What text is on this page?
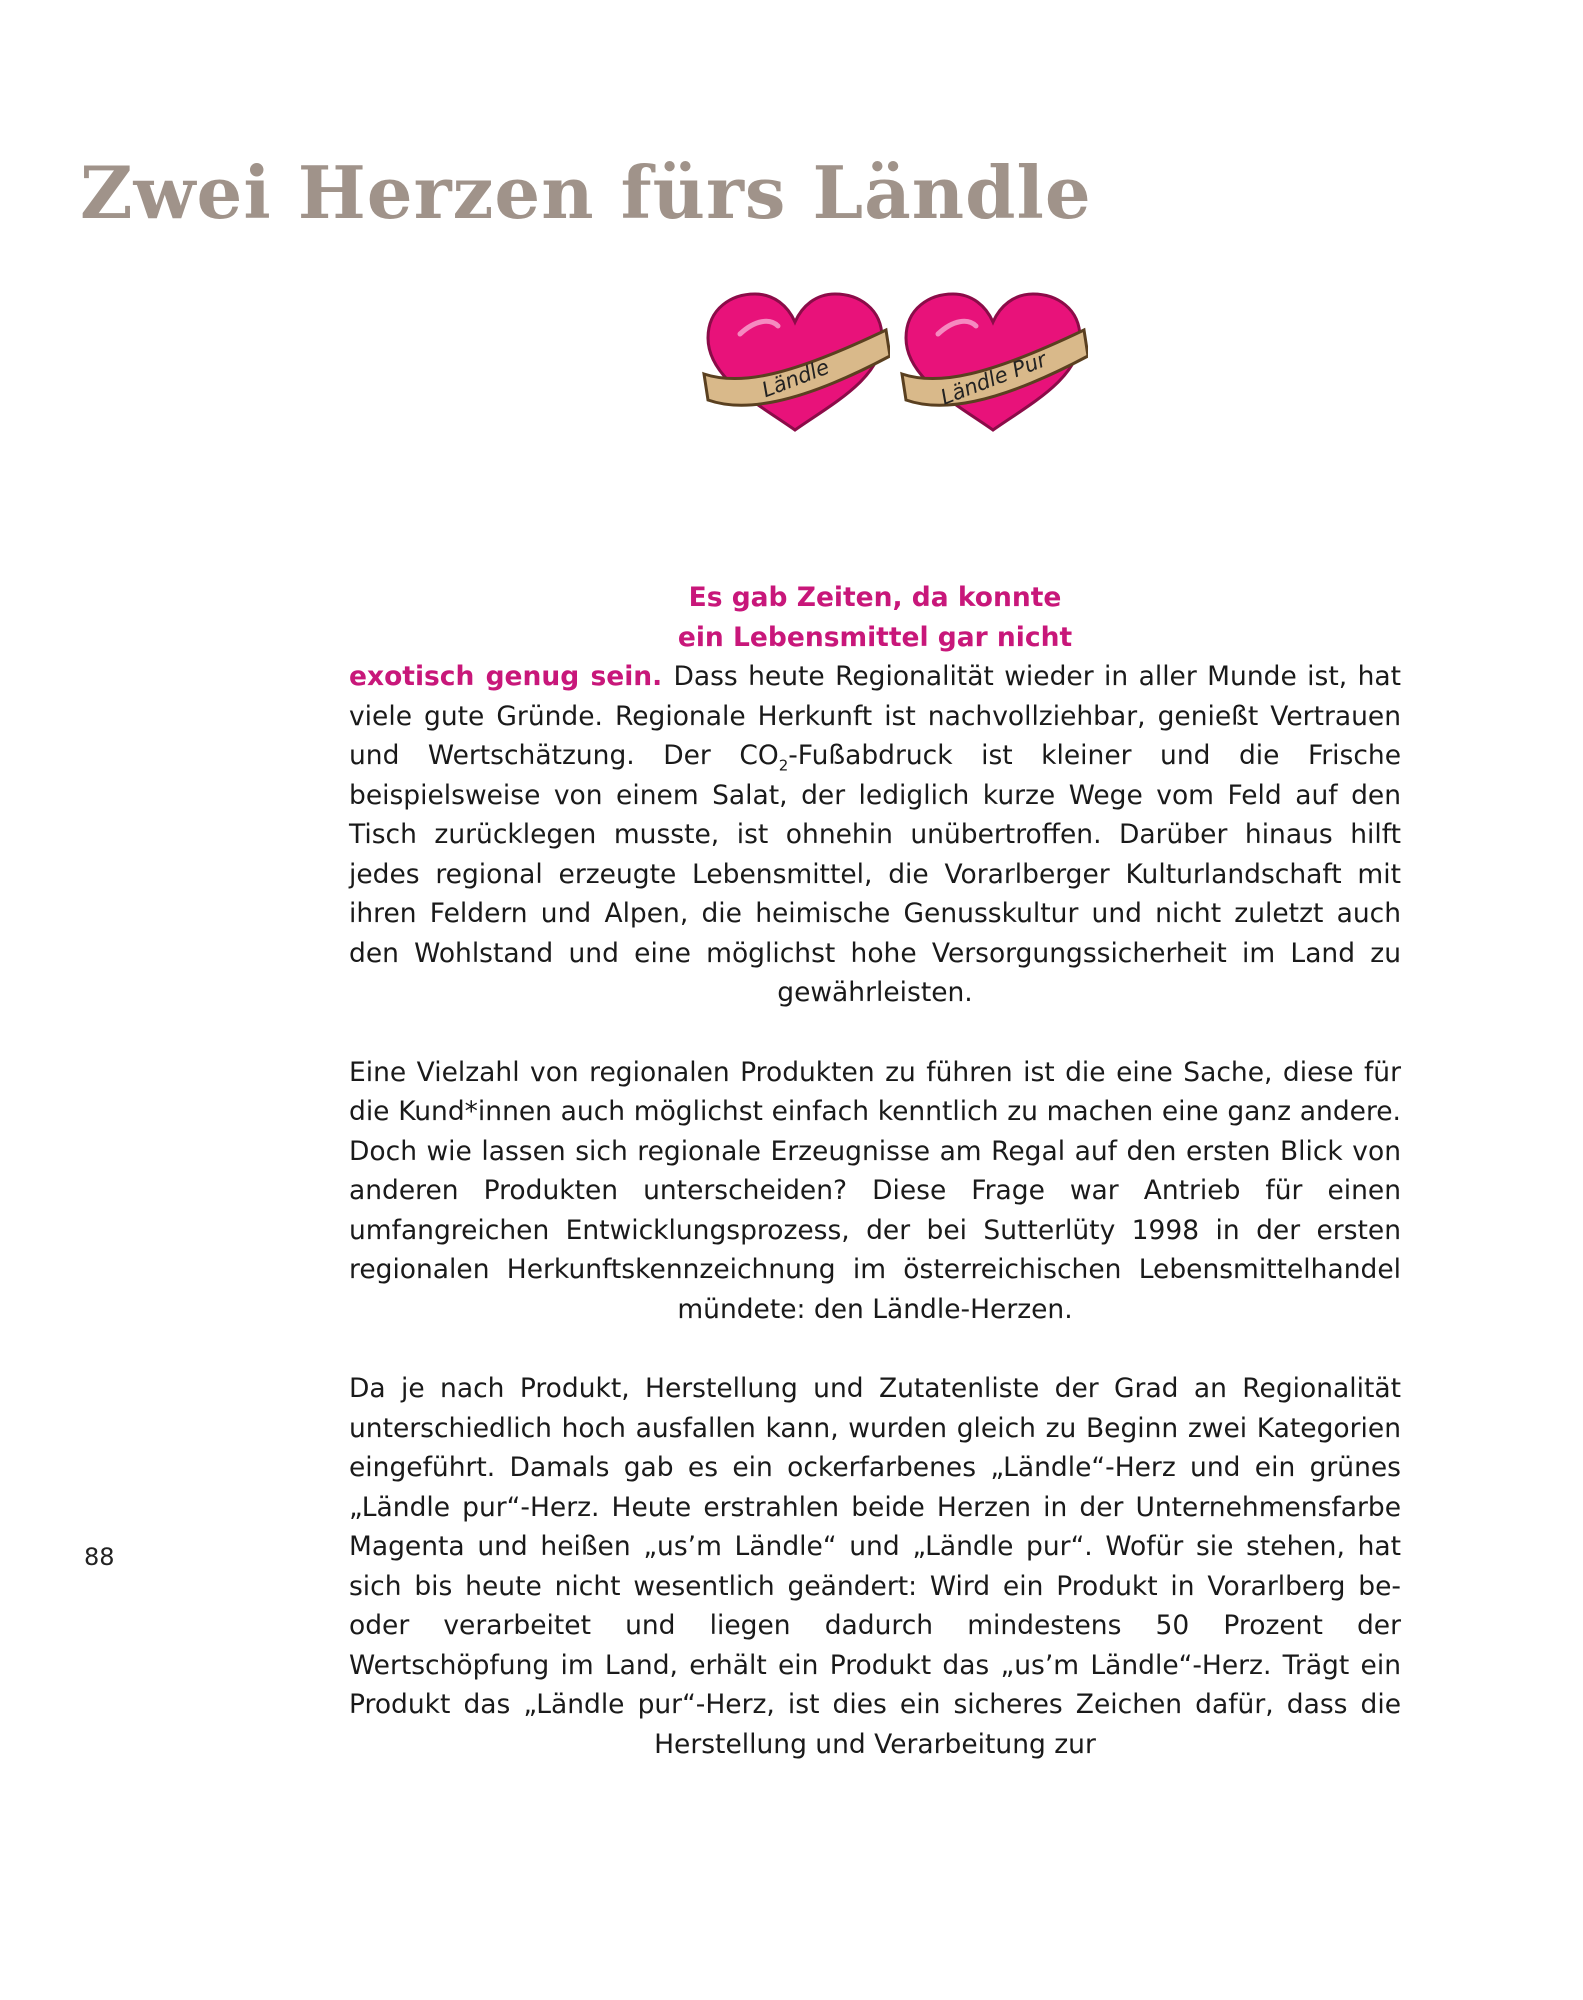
Zwei Herzen fürs Ländle
Ländle	Ländle Pur

Es gab Zeiten, da konnte
ein Lebensmittel gar nicht
exotisch genug sein. Dass heute Regionalität wieder in aller Munde ist, hat viele gute Gründe. Regionale Herkunft ist nachvollziehbar, genießt Vertrauen und Wertschätzung. Der $CO_2$-Fußabdruck ist kleiner und die Frische beispielsweise von einem Salat, der lediglich kurze Wege vom Feld auf den Tisch zurücklegen musste, ist ohnehin unübertroffen. Darüber hinaus hilft jedes regional erzeugte Lebensmittel, die Vorarlberger Kulturlandschaft mit ihren Feldern und Alpen, die heimische Genusskultur und nicht zuletzt auch den Wohlstand und eine möglichst hohe Versorgungssicherheit im Land zu gewährleisten.

Eine Vielzahl von regionalen Produkten zu führen ist die eine Sache, diese für die Kund*innen auch möglichst einfach kenntlich zu machen eine ganz andere. Doch wie lassen sich regionale Erzeugnisse am Regal auf den ersten Blick von anderen Produkten unterscheiden? Diese Frage war Antrieb für einen umfangreichen Entwicklungsprozess, der bei Sutterlüty 1998 in der ersten regionalen Herkunftskennzeichnung im österreichischen Lebensmittelhandel mündete: den Ländle-Herzen.

Da je nach Produkt, Herstellung und Zutatenliste der Grad an Regionalität unterschiedlich hoch ausfallen kann, wurden gleich zu Beginn zwei Kategorien eingeführt. Damals gab es ein ockerfarbenes „Ländle“-Herz und ein grünes „Ländle pur“-Herz. Heute erstrahlen beide Herzen in der Unternehmensfarbe Magenta und heißen „us’m Ländle“ und „Ländle pur“. Wofür sie stehen, hat sich bis heute nicht wesentlich geändert: Wird ein Produkt in Vorarlberg be- oder verarbeitet und liegen dadurch mindestens 50 Prozent der Wertschöpfung im Land, erhält ein Produkt das „us’m Ländle“-Herz. Trägt ein Produkt das „Ländle pur“-Herz, ist dies ein sicheres Zeichen dafür, dass die Herstellung und Verarbeitung zur

88
